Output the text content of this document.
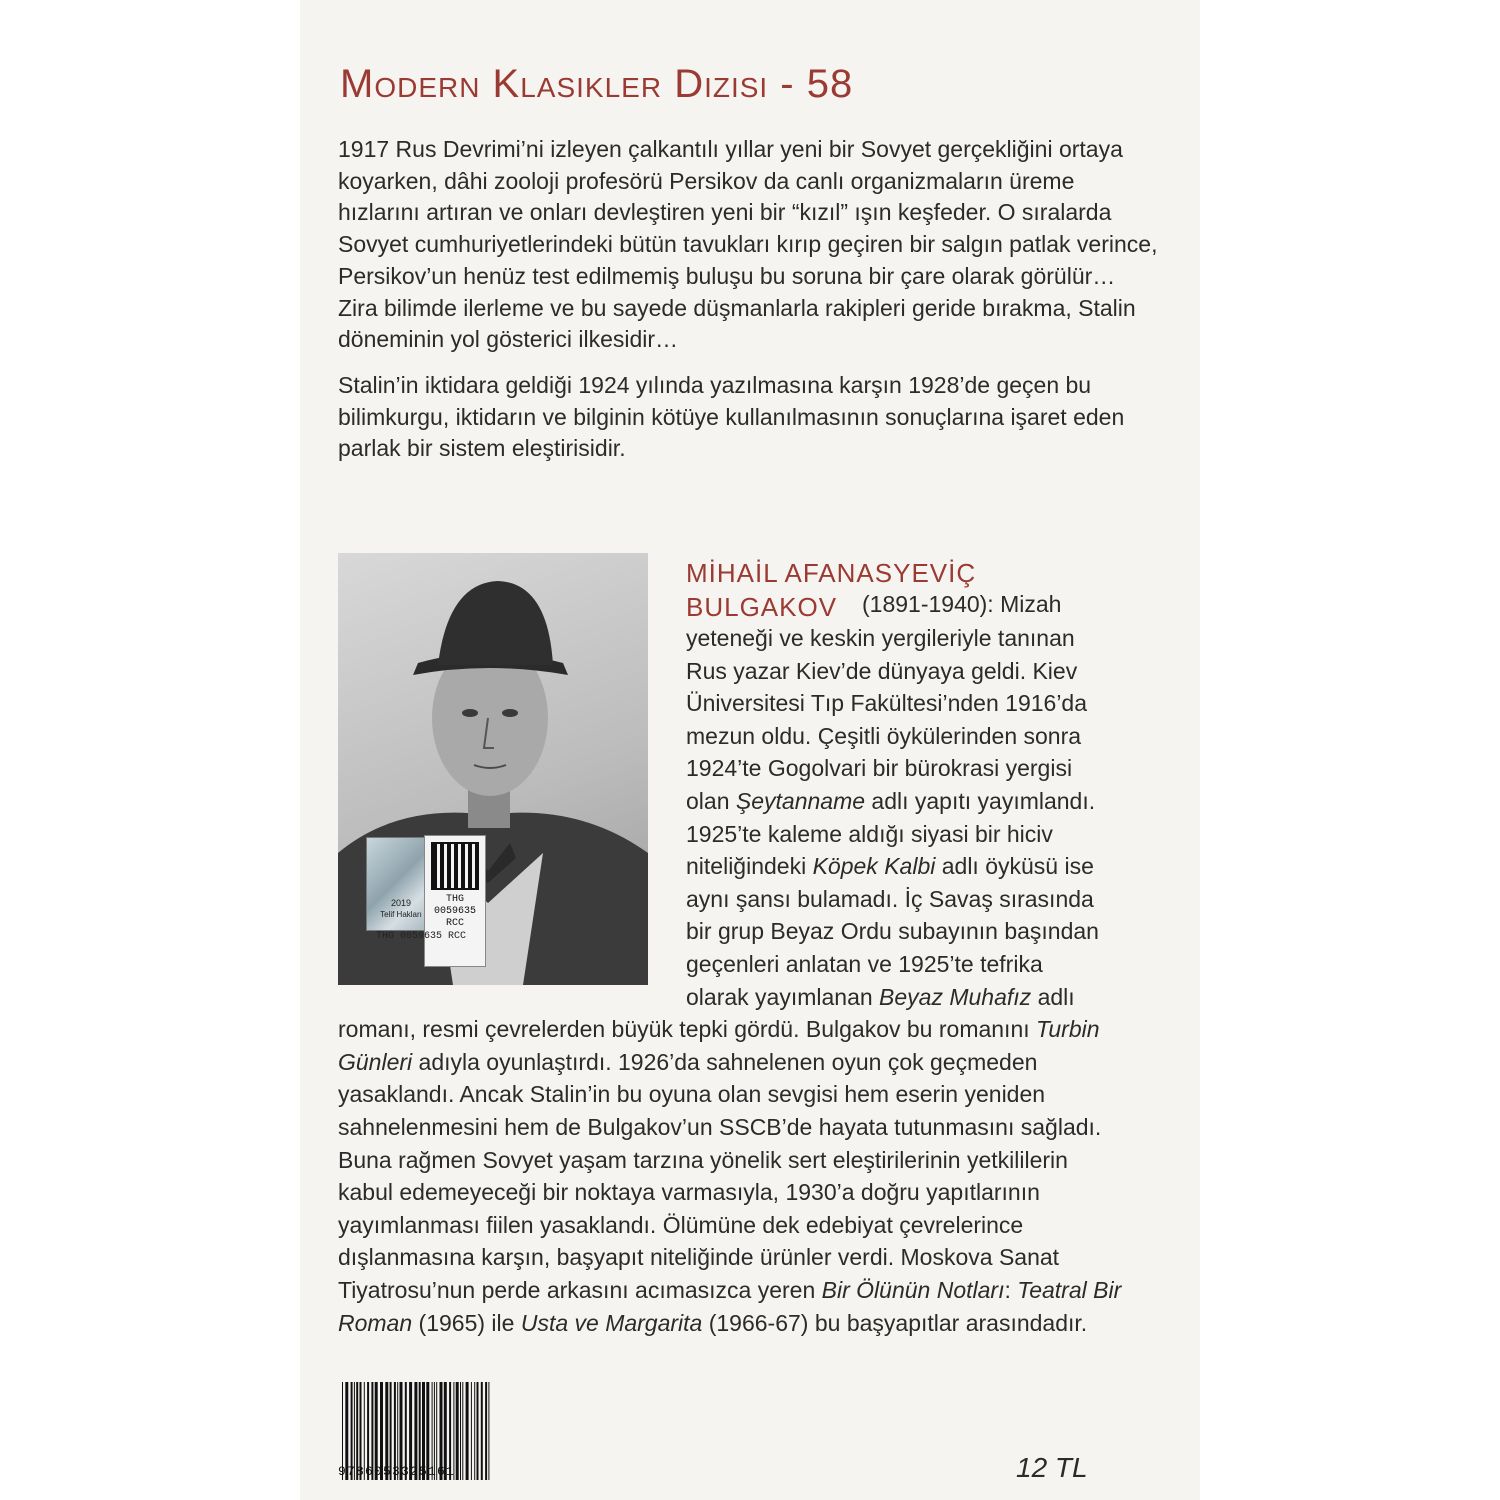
Modern Klasikler Dizisi - 58

1917 Rus Devrimi’ni izleyen çalkantılı yıllar yeni bir Sovyet gerçekliğini ortaya koyarken, dâhi zooloji profesörü Persikov da canlı organizmaların üreme hızlarını artıran ve onları devleştiren yeni bir “kızıl” ışın keşfeder. O sıralarda Sovyet cumhuriyetlerindeki bütün tavukları kırıp geçiren bir salgın patlak verince, Persikov’un henüz test edilmemiş buluşu bu soruna bir çare olarak görülür… Zira bilimde ilerleme ve bu sayede düşmanlarla rakipleri geride bırakma, Stalin döneminin yol gösterici ilkesidir…

Stalin’in iktidara geldiği 1924 yılında yazılmasına karşın 1928’de geçen bu bilimkurgu, iktidarın ve bilginin kötüye kullanılmasının sonuçlarına işaret eden parlak bir sistem eleştirisidir.

2019
Telif Hakları
THG
0059635
RCC
THG 0059635 RCC
MİHAİL AFANASYEVİÇ
BULGAKOV	(1891-1940): Mizah
yeteneği ve keskin yergileriyle tanınan
Rus yazar Kiev’de dünyaya geldi. Kiev
Üniversitesi Tıp Fakültesi’nden 1916’da
mezun oldu. Çeşitli öykülerinden sonra
1924’te Gogolvari bir bürokrasi yergisi
olan Şeytanname adlı yapıtı yayımlandı.
1925’te kaleme aldığı siyasi bir hiciv
niteliğindeki Köpek Kalbi adlı öyküsü ise
aynı şansı bulamadı. İç Savaş sırasında
bir grup Beyaz Ordu subayının başından
geçenleri anlatan ve 1925’te tefrika
olarak yayımlanan Beyaz Muhafız adlı
romanı, resmi çevrelerden büyük tepki gördü. Bulgakov bu romanını Turbin
Günleri adıyla oyunlaştırdı. 1926’da sahnelenen oyun çok geçmeden
yasaklandı. Ancak Stalin’in bu oyuna olan sevgisi hem eserin yeniden
sahnelenmesini hem de Bulgakov’un SSCB’de hayata tutunmasını sağladı.
Buna rağmen Sovyet yaşam tarzına yönelik sert eleştirilerinin yetkililerin
kabul edemeyeceği bir noktaya varmasıyla, 1930’a doğru yapıtlarının
yayımlanması fiilen yasaklandı. Ölümüne dek edebiyat çevrelerince
dışlanmasına karşın, başyapıt niteliğinde ürünler verdi. Moskova Sanat
Tiyatrosu’nun perde arkasını acımasızca yeren Bir Ölünün Notları: Teatral Bir
Roman (1965) ile Usta ve Margarita (1966-67) bu başyapıtlar arasındadır.
9786053325161	12 TL
